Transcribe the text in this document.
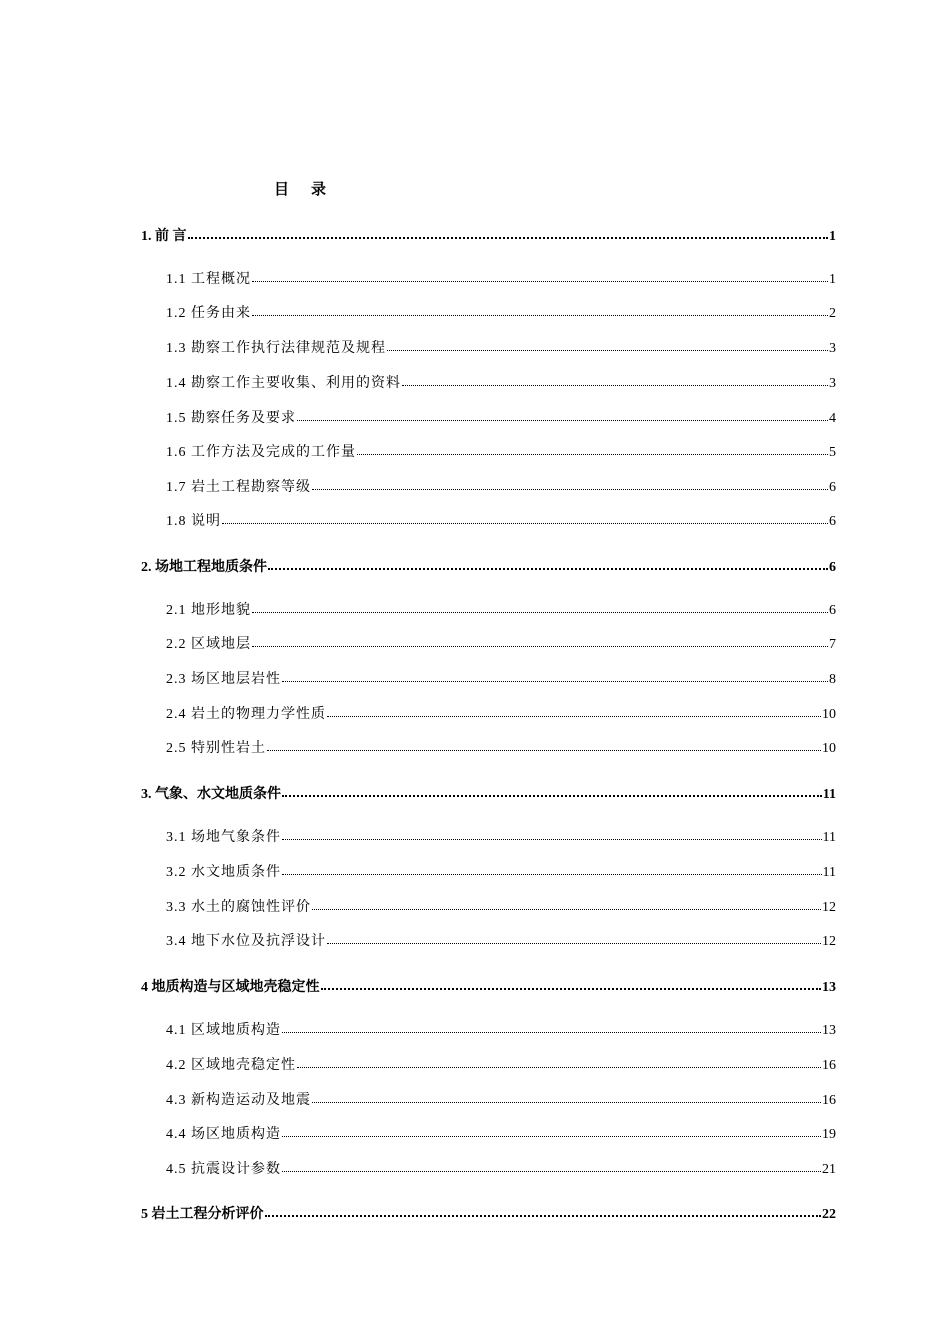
目录
1. 前 言	1
1.1 工程概况	1
1.2 任务由来	2
1.3 勘察工作执行法律规范及规程	3
1.4 勘察工作主要收集、利用的资料	3
1.5 勘察任务及要求	4
1.6 工作方法及完成的工作量	5
1.7 岩土工程勘察等级	6
1.8 说明	6
2. 场地工程地质条件	6
2.1 地形地貌	6
2.2 区域地层	7
2.3 场区地层岩性	8
2.4 岩土的物理力学性质	10
2.5 特别性岩土	10
3. 气象、水文地质条件	11
3.1 场地气象条件	11
3.2 水文地质条件	11
3.3 水土的腐蚀性评价	12
3.4 地下水位及抗浮设计	12
4 地质构造与区域地壳稳定性	13
4.1 区域地质构造	13
4.2 区域地壳稳定性	16
4.3 新构造运动及地震	16
4.4 场区地质构造	19
4.5 抗震设计参数	21
5 岩土工程分析评价	22
